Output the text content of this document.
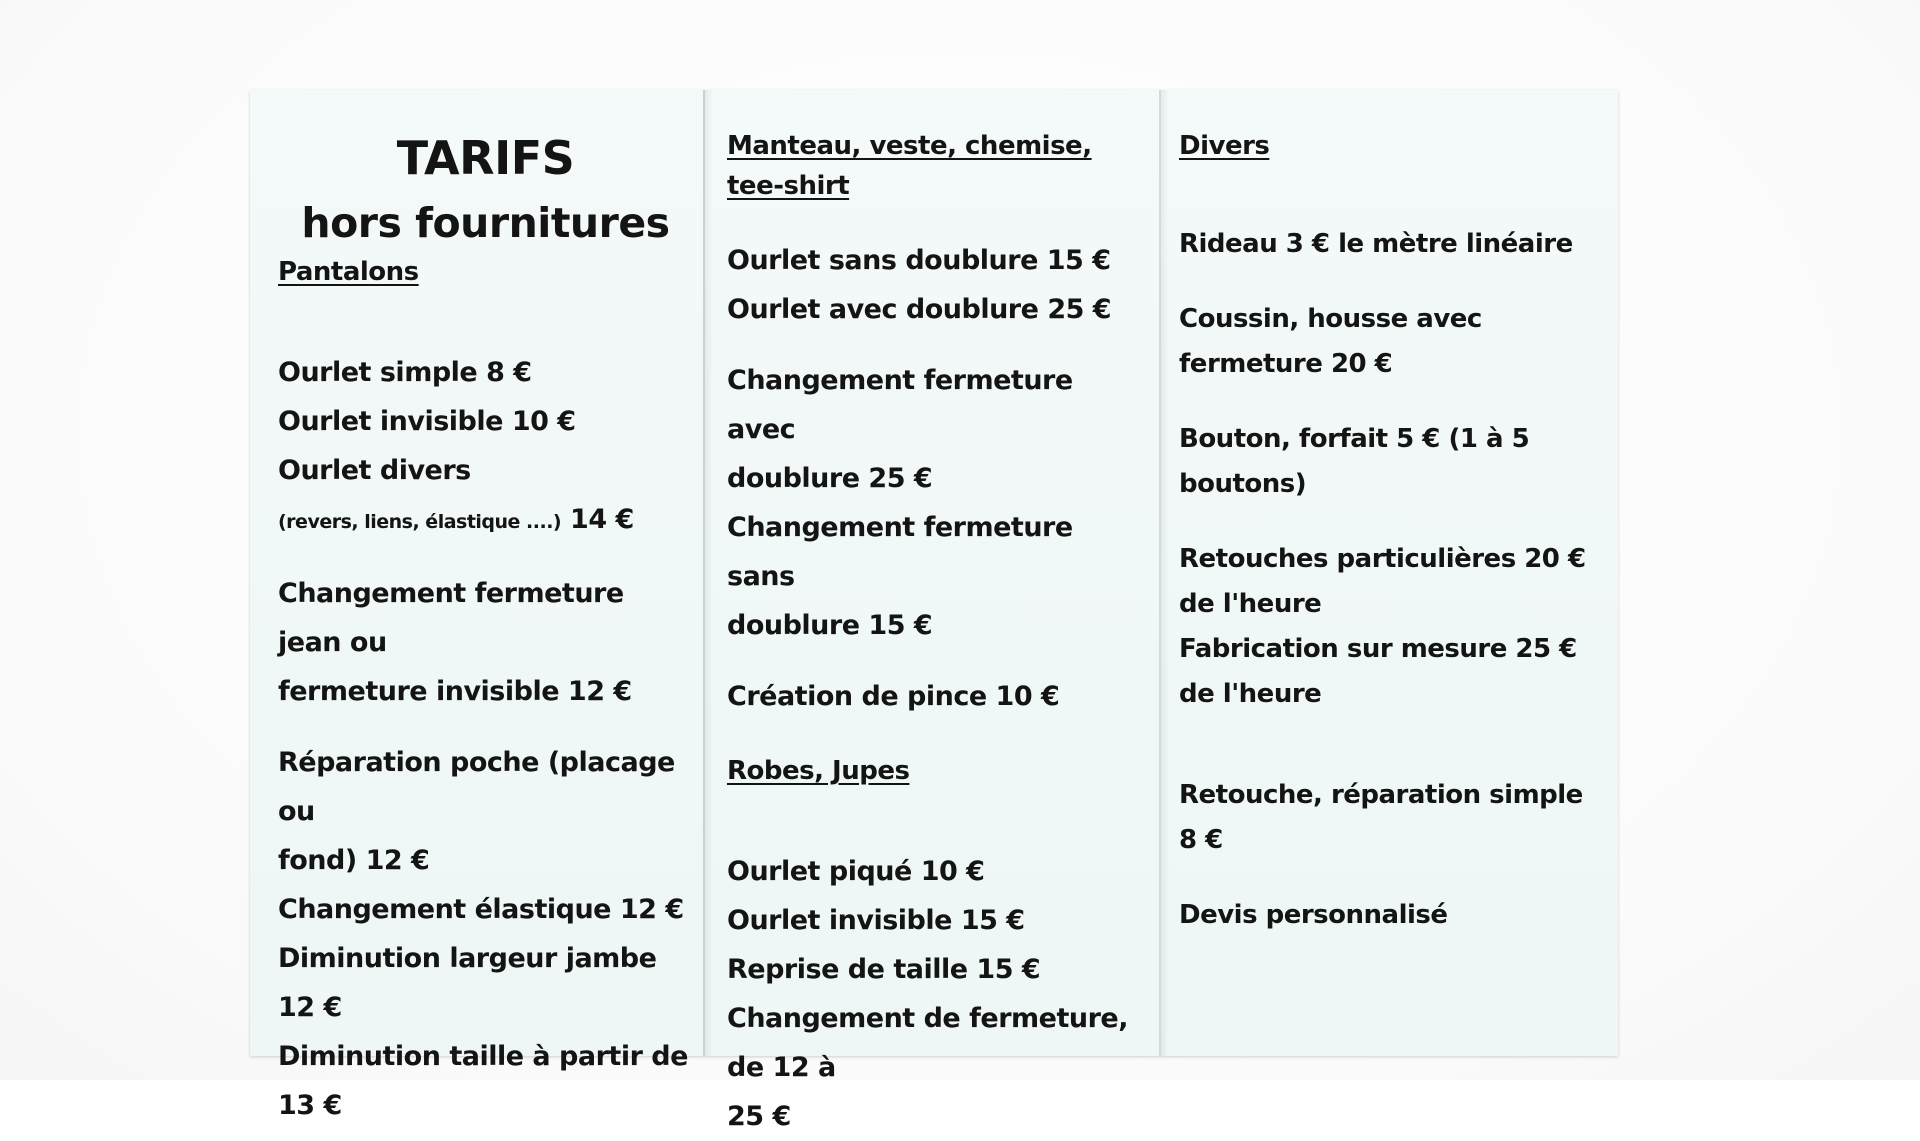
TARIFS

hors fournitures

Pantalons

Ourlet simple 8 €

Ourlet invisible 10 €

Ourlet divers

(revers, liens, élastique ....) 14 €

Changement fermeture jean ou

fermeture invisible 12 €

Réparation poche (placage ou

fond) 12 €

Changement élastique 12 €

Diminution largeur jambe 12 €

Diminution taille à partir de 13 €

Manteau, veste, chemise, tee-shirt

Ourlet sans doublure 15 €

Ourlet avec doublure 25 €

Changement fermeture avec

doublure 25 €

Changement fermeture sans

doublure 15 €

Création de pince 10 €

Robes, Jupes

Ourlet piqué 10 €

Ourlet invisible 15 €

Reprise de taille 15 €

Changement de fermeture, de 12 à

25 €

Divers

Rideau 3 € le mètre linéaire

Coussin, housse avec fermeture 20 €

Bouton, forfait 5 € (1 à 5 boutons)

Retouches particulières 20 €

de l'heure

Fabrication sur mesure 25 €

de l'heure

Retouche, réparation simple 8 €

Devis personnalisé
